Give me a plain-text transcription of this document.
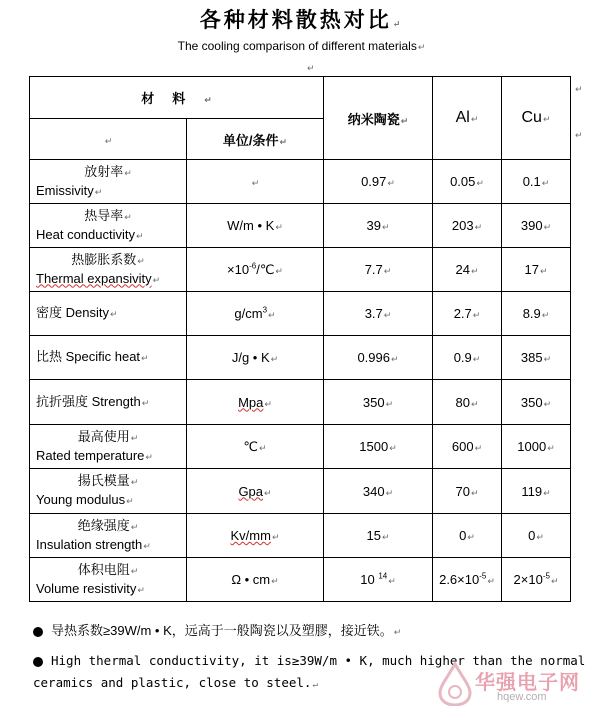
各种材料散热对比↵
The cooling comparison of different materials↵
↵
材料↵		纳米陶瓷↵	Al↵	Cu↵
↵	单位/条件↵			

放射率↵
Emissivity↵	↵	0.97↵	0.05↵	0.1↵

热导率↵
Heat conductivity↵	W/m • K↵	39↵	203↵	390↵

热膨胀系数↵
Thermal expansivity↵	$\times 10^{-6}/℃↵$	7.7↵	24↵	17↵
密度 Density↵	$g/cm^3↵$	3.7↵	2.7↵	8.9↵
比热 Specific heat↵	J/g • K↵	0.996↵	0.9↵	385↵
抗折强度 Strength↵	Mpa↵	350↵	80↵	350↵

最高使用↵
Rated temperature↵	℃↵	1500↵	600↵	1000↵

揚氏模量↵
Young modulus↵	Gpa↵	340↵	70↵	119↵

绝缘强度↵
Insulation strength↵	Kv/mm↵	15↵	0↵	0↵

体积电阻↵
Volume resistivity↵	Ω • cm↵	10 $^{14}$↵	$2.6\times 10^{-5}↵$	$2\times 10^{-5}↵$
↵
↵
导热系数≥39W/m • K，远高于一般陶瓷以及塑膠，接近铁。↵
High thermal conductivity, it is≥39W/m • K, much higher than the normal
ceramics and plastic, close to steel.↵	华强电子网
hqew.com
